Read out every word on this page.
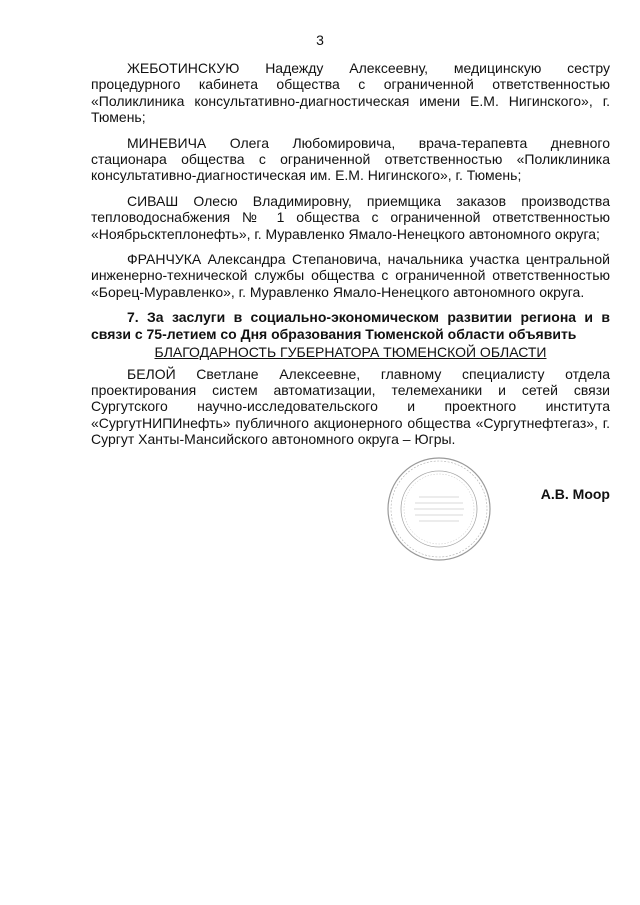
3

ЖЕБОТИНСКУЮ Надежду Алексеевну, медицинскую сестру процедурного кабинета общества с ограниченной ответственностью «Поликлиника консультативно-диагностическая имени Е.М. Нигинского», г. Тюмень;

МИНЕВИЧА Олега Любомировича, врача-терапевта дневного стационара общества с ограниченной ответственностью «Поликлиника консультативно-диагностическая им. Е.М. Нигинского», г. Тюмень;

СИВАШ Олесю Владимировну, приемщика заказов производства тепловодоснабжения № 1 общества с ограниченной ответственностью «Ноябрьсктеплонефть», г. Муравленко Ямало-Ненецкого автономного округа;

ФРАНЧУКА Александра Степановича, начальника участка центральной инженерно-технической службы общества с ограниченной ответственностью «Борец-Муравленко», г. Муравленко Ямало-Ненецкого автономного округа.

7. За заслуги в социально-экономическом развитии региона и в связи с 75-летием со Дня образования Тюменской области объявить

БЛАГОДАРНОСТЬ ГУБЕРНАТОРА ТЮМЕНСКОЙ ОБЛАСТИ

БЕЛОЙ Светлане Алексеевне, главному специалисту отдела проектирования систем автоматизации, телемеханики и сетей связи Сургутского научно-исследовательского и проектного института «СургутНИПИнефть» публичного акционерного общества «Сургутнефтегаз», г. Сургут Ханты-Мансийского автономного округа – Югры.

А.В. Моор
